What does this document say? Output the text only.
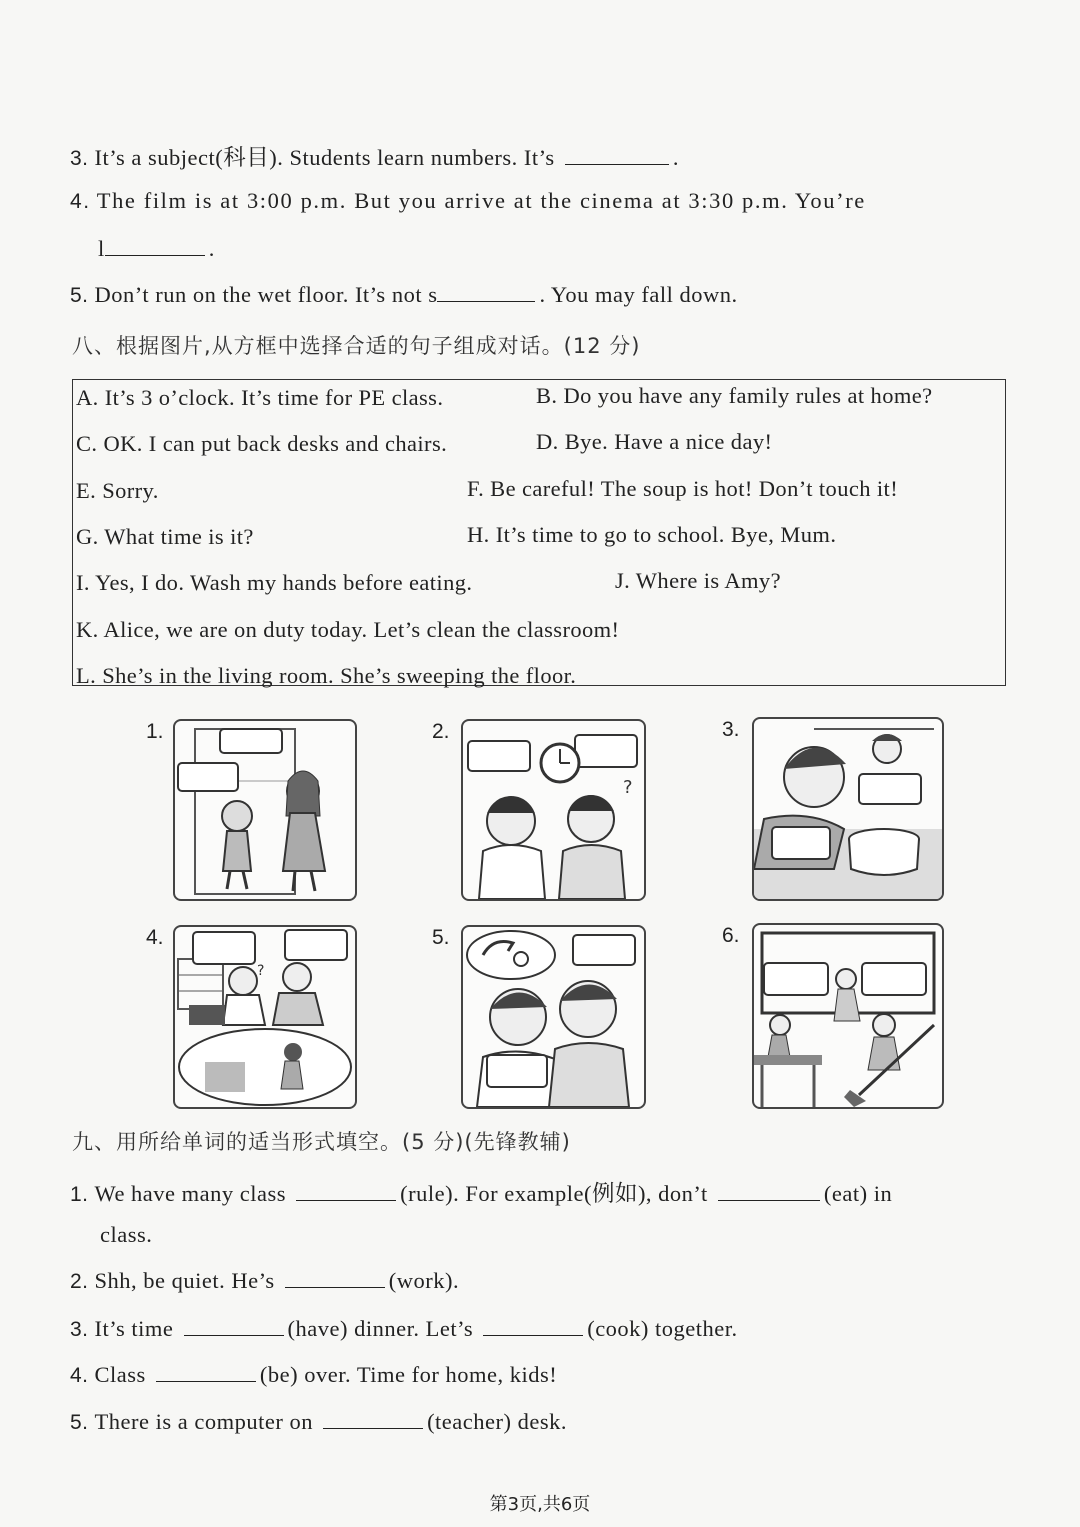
3. It’s a subject(科目). Students learn numbers. It’s	.
4. The film is at 3:00 p.m. But you arrive at the cinema at 3:30 p.m. You’re
l	.
5. Don’t run on the wet floor. It’s not s	. You may fall down.
八、根据图片,从方框中选择合适的句子组成对话。(12 分)
A. It’s 3 o’clock. It’s time for PE class.	B. Do you have any family rules at home?
C. OK. I can put back desks and chairs.	D. Bye. Have a nice day!
E. Sorry.	F. Be careful! The soup is hot! Don’t touch it!
G. What time is it?	H. It’s time to go to school. Bye, Mum.
I. Yes, I do. Wash my hands before eating.	J. Where is Amy?
K. Alice, we are on duty today. Let’s clean the classroom!
L. She’s in the living room. She’s sweeping the floor.
1.	2.	3.
4.	5.	6.
?
?
九、用所给单词的适当形式填空。(5 分)(先锋教辅)
1. We have many class	(rule). For example(例如), don’t	(eat) in
class.
2. Shh, be quiet. He’s	(work).
3. It’s time	(have) dinner. Let’s	(cook) together.
4. Class	(be) over. Time for home, kids!
5. There is a computer on	(teacher) desk.
第3页,共6页
